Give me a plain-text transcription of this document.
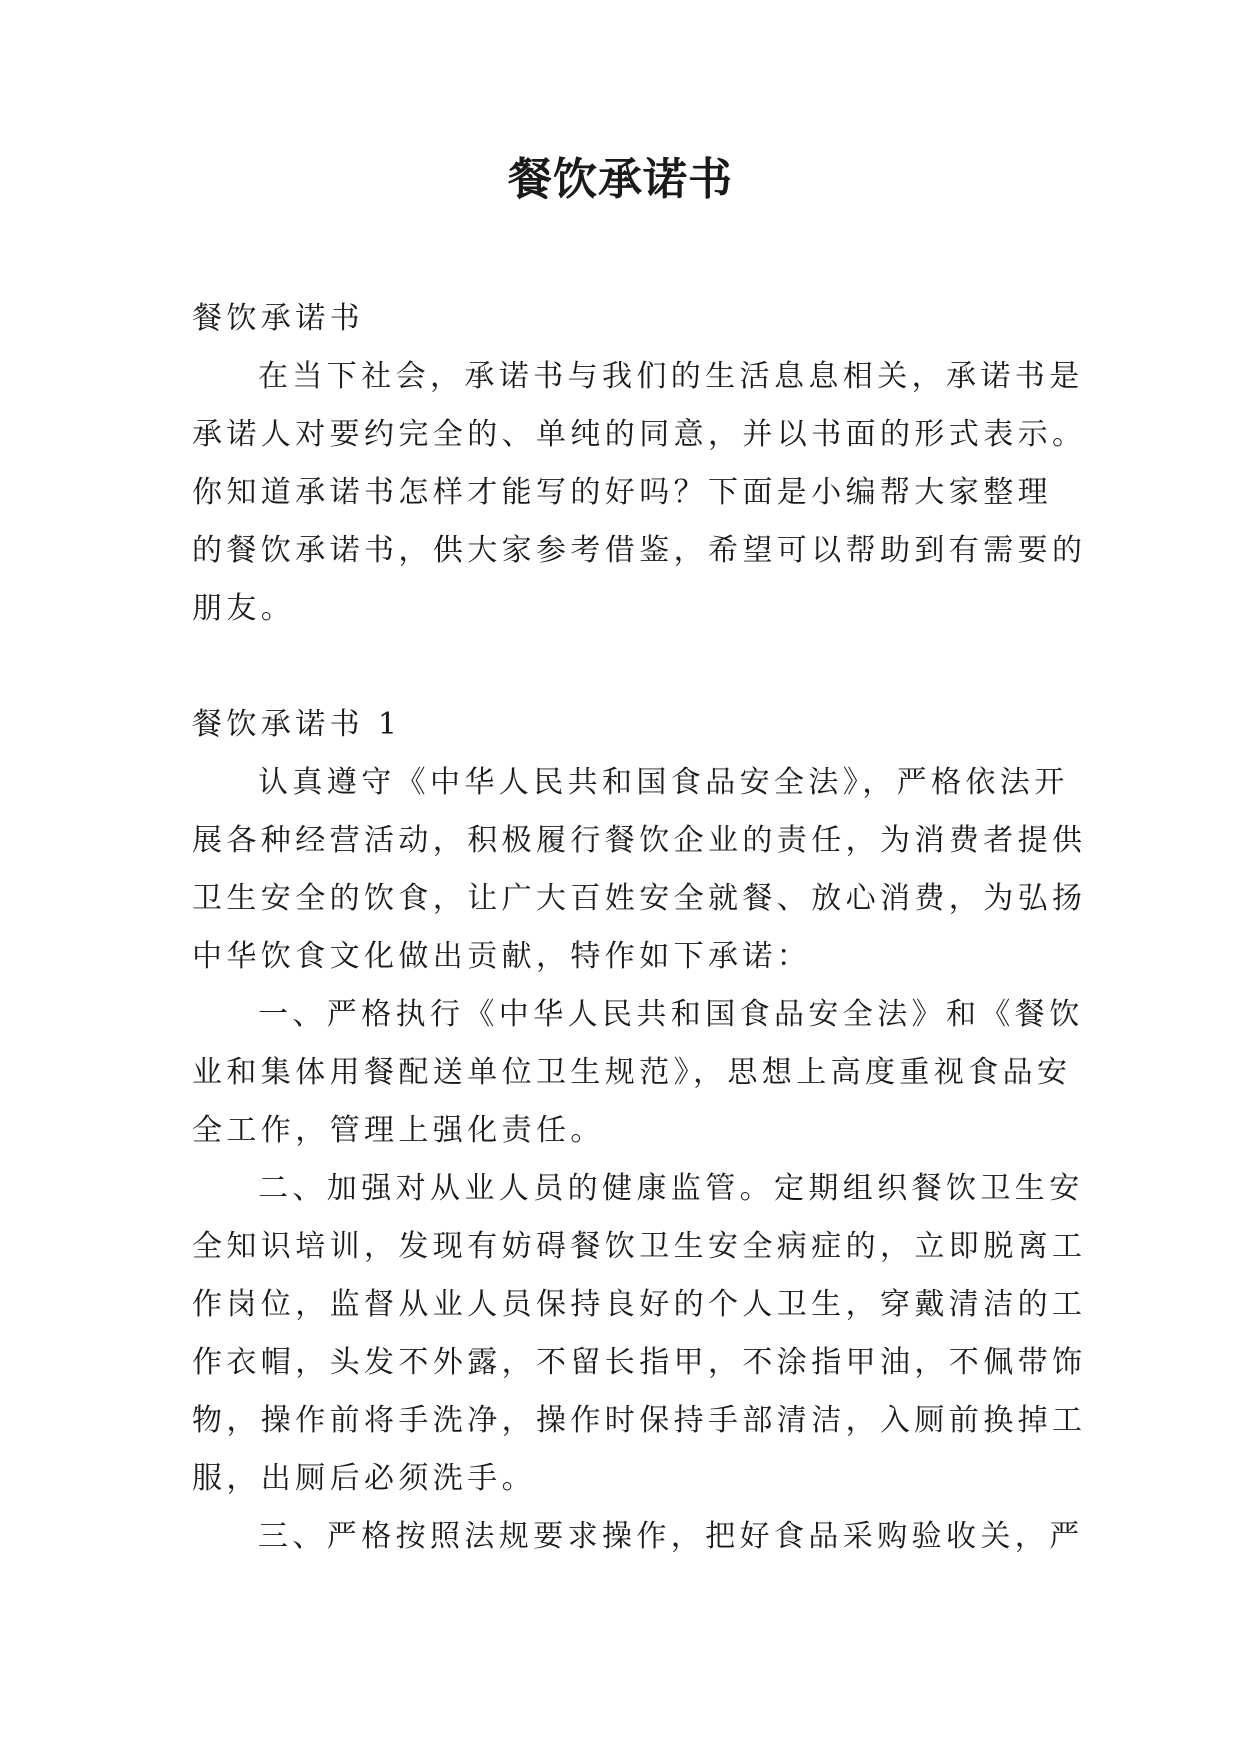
餐饮承诺书
餐饮承诺书
在当下社会，承诺书与我们的生活息息相关，承诺书是
承诺人对要约完全的、单纯的同意，并以书面的形式表示。
你知道承诺书怎样才能写的好吗？下面是小编帮大家整理
的餐饮承诺书，供大家参考借鉴，希望可以帮助到有需要的
朋友。
餐饮承诺书 1
认真遵守《中华人民共和国食品安全法》，严格依法开
展各种经营活动，积极履行餐饮企业的责任，为消费者提供
卫生安全的饮食，让广大百姓安全就餐、放心消费，为弘扬
中华饮食文化做出贡献，特作如下承诺：
一、严格执行《中华人民共和国食品安全法》和《餐饮
业和集体用餐配送单位卫生规范》，思想上高度重视食品安
全工作，管理上强化责任。
二、加强对从业人员的健康监管。定期组织餐饮卫生安
全知识培训，发现有妨碍餐饮卫生安全病症的，立即脱离工
作岗位，监督从业人员保持良好的个人卫生，穿戴清洁的工
作衣帽，头发不外露，不留长指甲，不涂指甲油，不佩带饰
物，操作前将手洗净，操作时保持手部清洁，入厕前换掉工
服，出厕后必须洗手。
三、严格按照法规要求操作，把好食品采购验收关，严
